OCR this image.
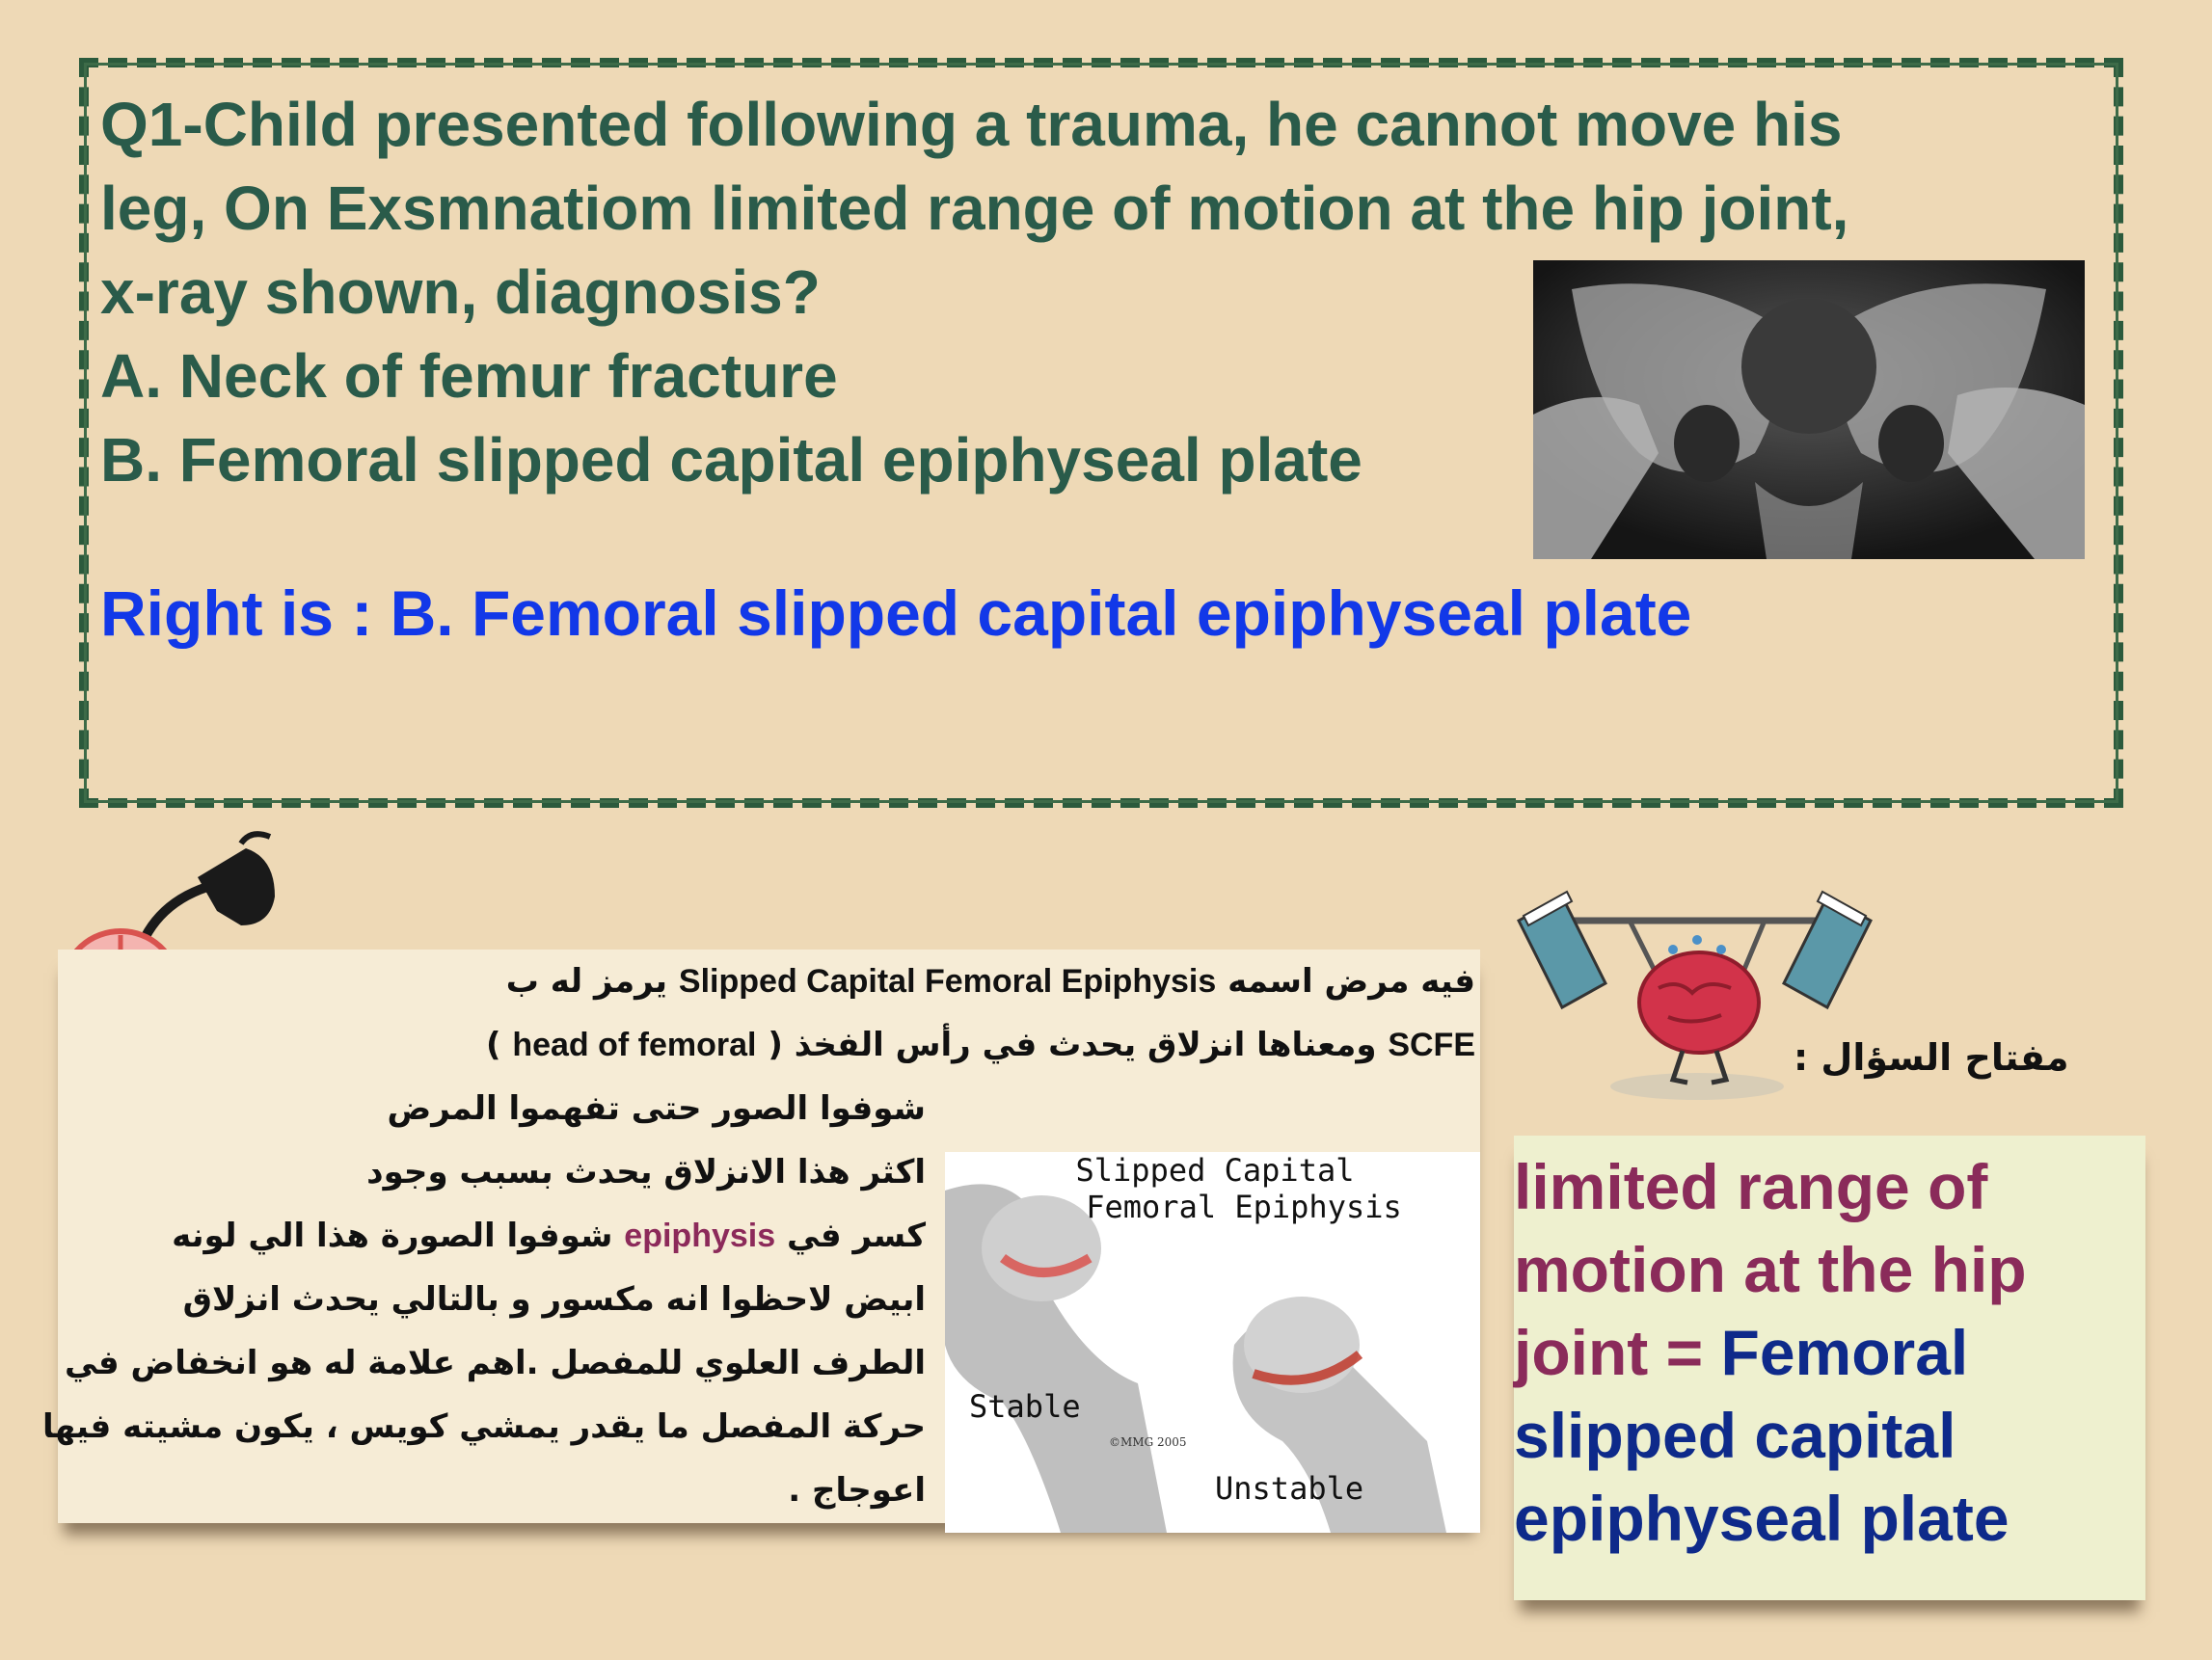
Q1-Child presented following a trauma, he cannot move his
leg, On Exsmnatiom limited range of motion at the hip joint,
x-ray shown, diagnosis?
A. Neck of femur fracture
B. Femoral slipped capital epiphyseal plate
Right is : B. Femoral slipped capital epiphyseal plate

فيه مرض اسمه Slipped Capital Femoral Epiphysis يرمز له ب

SCFE ومعناها انزلاق يحدث في رأس الفخذ ( head of femoral )

شوفوا الصور حتى تفهموا المرض

اكثر هذا الانزلاق يحدث بسبب وجود

كسر في epiphysis شوفوا الصورة هذا الي لونه

ابيض لاحظوا انه مكسور و بالتالي يحدث انزلاق

الطرف العلوي للمفصل .اهم علامة له هو انخفاض في

حركة المفصل ما يقدر يمشي كويس ، يكون مشيته فيها

اعوجاج .

Slipped Capital
Femoral Epiphysis
Stable
Unstable
©MMG 2005

مفتاح السؤال :

limited range of motion at the hip joint = Femoral slipped capital epiphyseal plate
